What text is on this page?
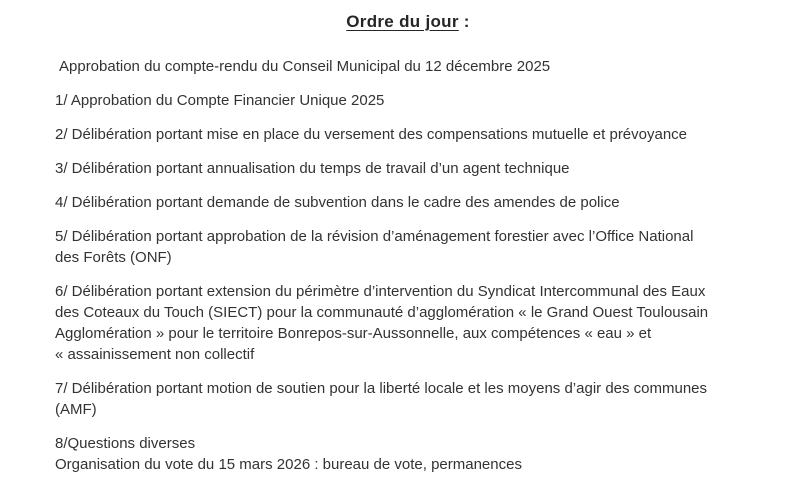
Ordre du jour :

Approbation du compte-rendu du Conseil Municipal du 12 décembre 2025

1/ Approbation du Compte Financier Unique 2025

2/ Délibération portant mise en place du versement des compensations mutuelle et prévoyance

3/ Délibération portant annualisation du temps de travail d’un agent technique

4/ Délibération portant demande de subvention dans le cadre des amendes de police

5/ Délibération portant approbation de la révision d’aménagement forestier avec l’Office National
des Forêts (ONF)

6/ Délibération portant extension du périmètre d’intervention du Syndicat Intercommunal des Eaux
des Coteaux du Touch (SIECT) pour la communauté d’agglomération « le Grand Ouest Toulousain
Agglomération » pour le territoire Bonrepos-sur-Aussonnelle, aux compétences « eau » et
« assainissement non collectif

7/ Délibération portant motion de soutien pour la liberté locale et les moyens d’agir des communes
(AMF)

8/Questions diverses

Organisation du vote du 15 mars 2026 : bureau de vote, permanences
